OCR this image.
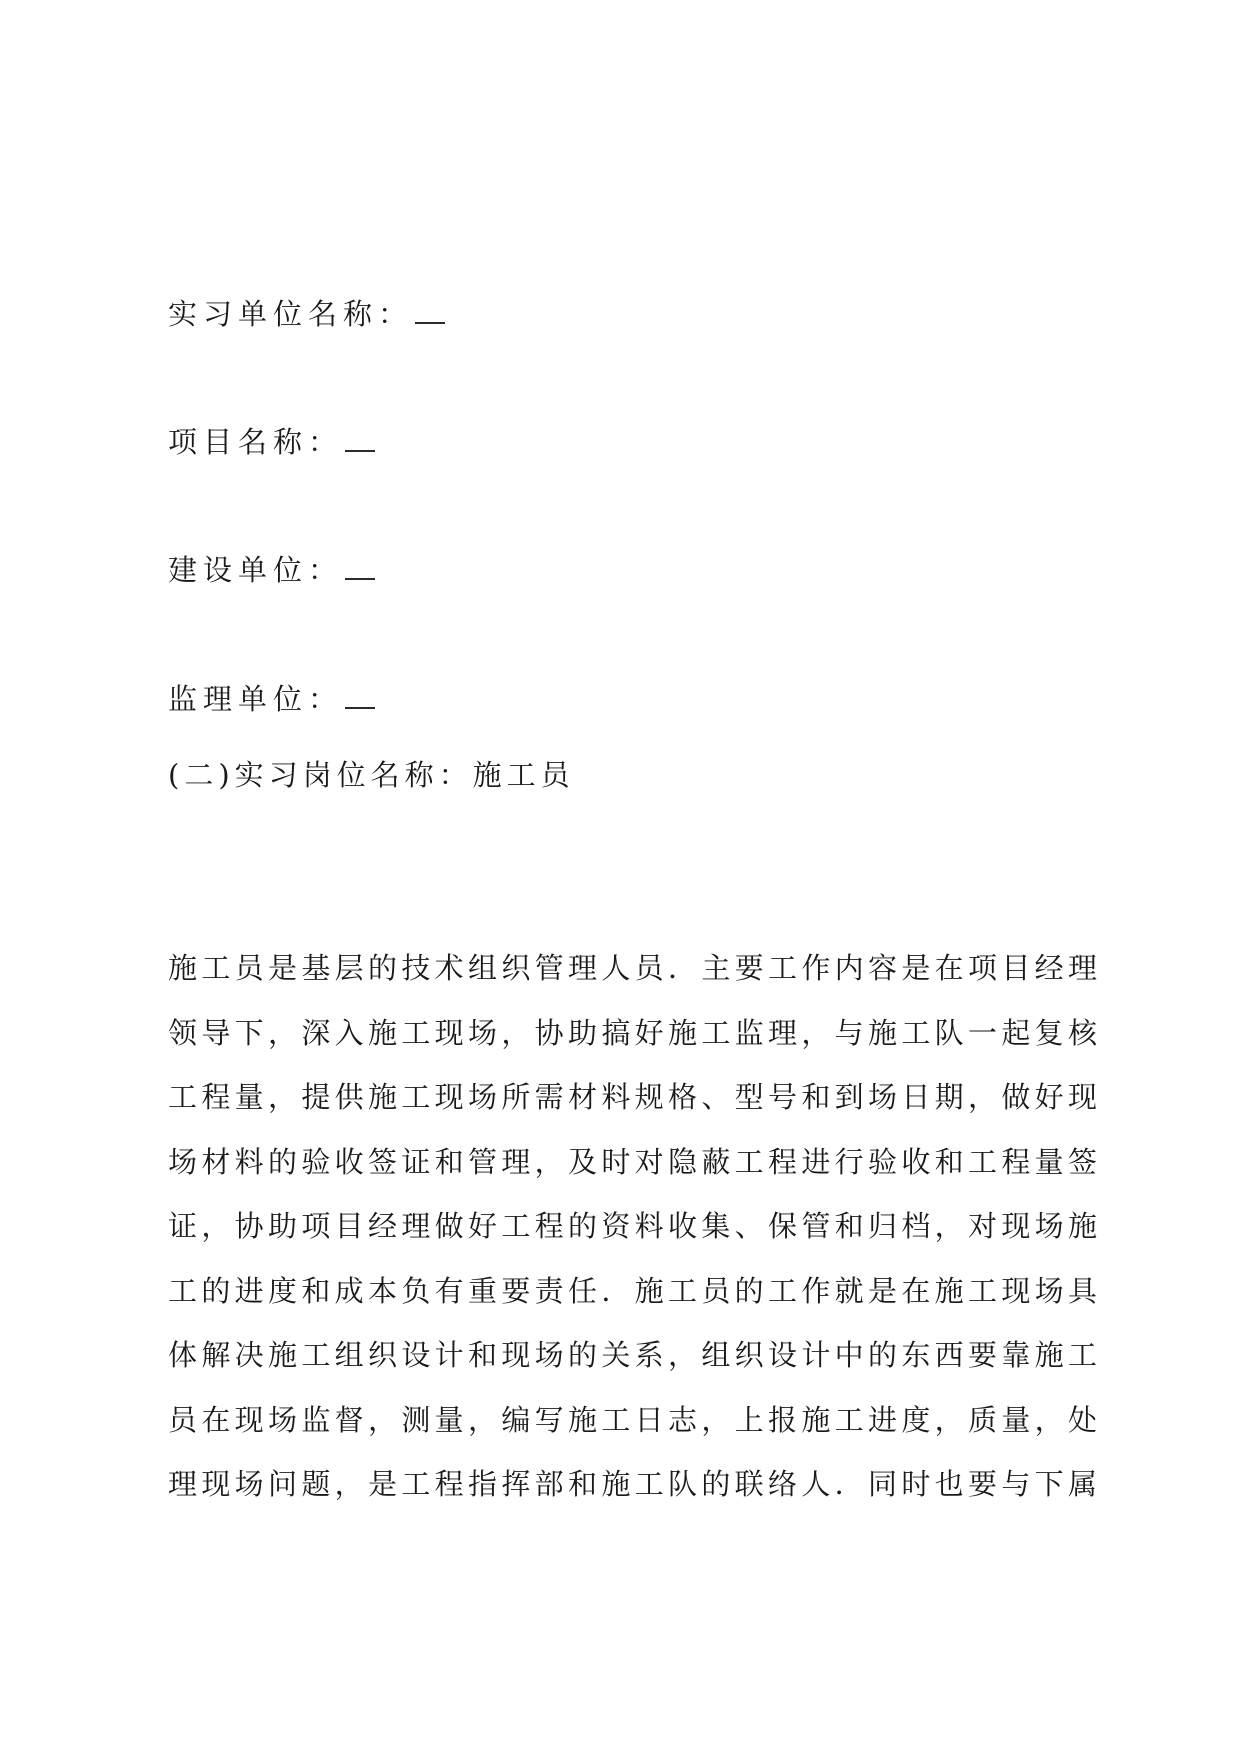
实习单位名称：
项目名称：
建设单位：
监理单位：
(二)实习岗位名称：施工员
施工员是基层的技术组织管理人员．主要工作内容是在项目经理
领导下，深入施工现场，协助搞好施工监理，与施工队一起复核
工程量，提供施工现场所需材料规格、型号和到场日期，做好现
场材料的验收签证和管理，及时对隐蔽工程进行验收和工程量签
证，协助项目经理做好工程的资料收集、保管和归档，对现场施
工的进度和成本负有重要责任．施工员的工作就是在施工现场具
体解决施工组织设计和现场的关系，组织设计中的东西要靠施工
员在现场监督，测量，编写施工日志，上报施工进度，质量，处
理现场问题，是工程指挥部和施工队的联络人．同时也要与下属
